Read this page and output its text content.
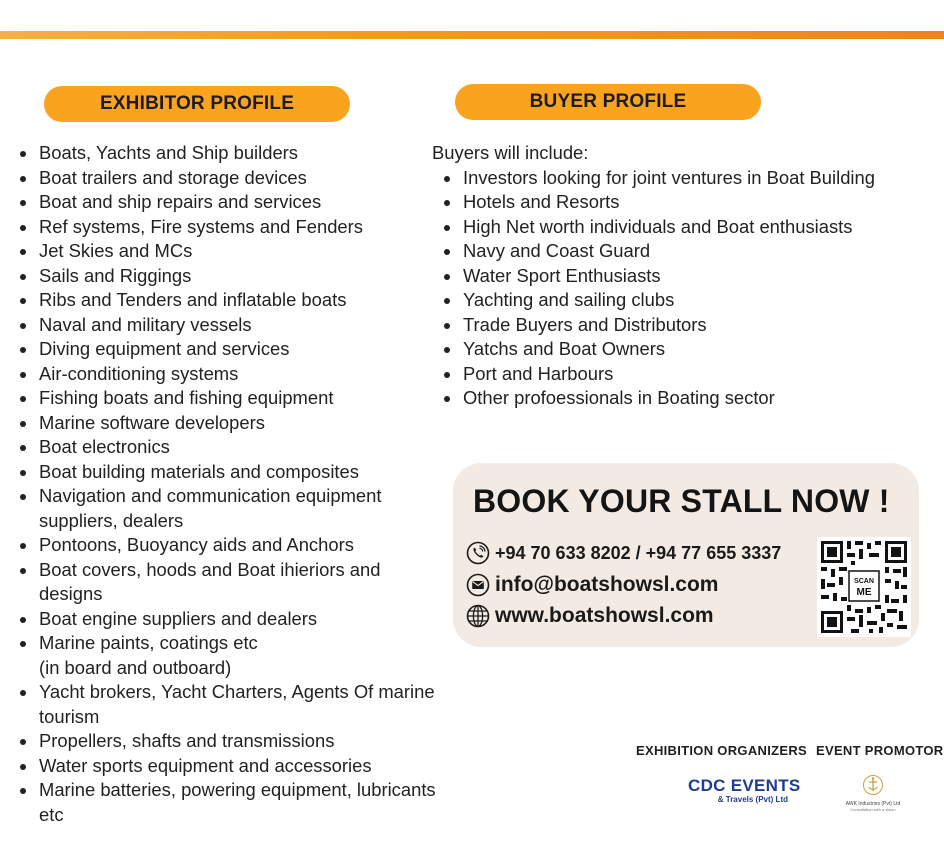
EXHIBITOR PROFILE	BUYER PROFILE
Boats, Yachts and Ship builders
Boat trailers and storage devices
Boat and ship repairs and services
Ref systems, Fire systems and Fenders
Jet Skies and MCs
Sails and Riggings
Ribs and Tenders and inflatable boats
Naval and military vessels
Diving equipment and services
Air-conditioning systems
Fishing boats and fishing equipment
Marine software developers
Boat electronics
Boat building materials and composites
Navigation and communication equipment suppliers, dealers
Pontoons, Buoyancy aids and Anchors
Boat covers, hoods and Boat ihieriors and designs
Boat engine suppliers and dealers
Marine paints, coatings etc
(in board and outboard)
Yacht brokers, Yacht Charters, Agents Of marine tourism
Propellers, shafts and transmissions
Water sports equipment and accessories
Marine batteries, powering equipment, lubricants etc
Buyers will include:
Investors looking for joint ventures in Boat Building
Hotels and Resorts
High Net worth individuals and Boat enthusiasts
Navy and Coast Guard
Water Sport Enthusiasts
Yachting and sailing clubs
Trade Buyers and Distributors
Yatchs and Boat Owners
Port and Harbours
Other profoessionals in Boating sector
BOOK YOUR STALL NOW !
+94 70 633 8202 / +94 77 655 3337
info@boatshowsl.com
www.boatshowsl.com
SCAN
ME
EXHIBITION ORGANIZERS EVENT PROMOTOR
CDC EVENTS
& Travels (Pvt) Ltd	AWK Industries (Pvt) Ltd
Consultation with a vision
